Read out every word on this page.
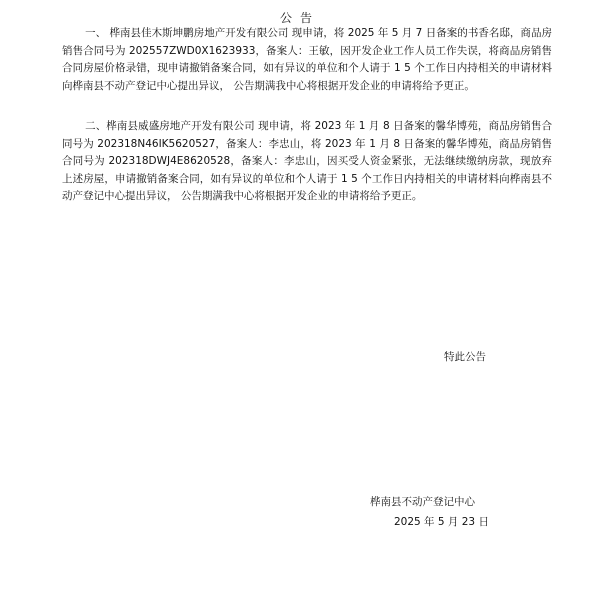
公告

一、 桦南县佳木斯坤鹏房地产开发有限公司 现申请，将 2025 年 5 月 7 日备案的书香名邸，商品房销售合同号为 202557ZWD0X1623933，备案人：王敏，因开发企业工作人员工作失误，将商品房销售合同房屋价格录错，现申请撤销备案合同，如有异议的单位和个人请于 1 5 个工作日内持相关的申请材料向桦南县不动产登记中心提出异议， 公告期满我中心将根据开发企业的申请将给予更正。

二、桦南县威盛房地产开发有限公司 现申请，将 2023 年 1 月 8 日备案的馨华博苑，商品房销售合同号为 202318N46IK5620527，备案人：李忠山，将 2023 年 1 月 8 日备案的馨华博苑，商品房销售合同号为 202318DWJ4E8620528，备案人：李忠山，因买受人资金紧张，无法继续缴纳房款，现放弃上述房屋，申请撤销备案合同，如有异议的单位和个人请于 1 5 个工作日内持相关的申请材料向桦南县不动产登记中心提出异议， 公告期满我中心将根据开发企业的申请将给予更正。

特此公告
桦南县不动产登记中心
2025 年 5 月 23 日
